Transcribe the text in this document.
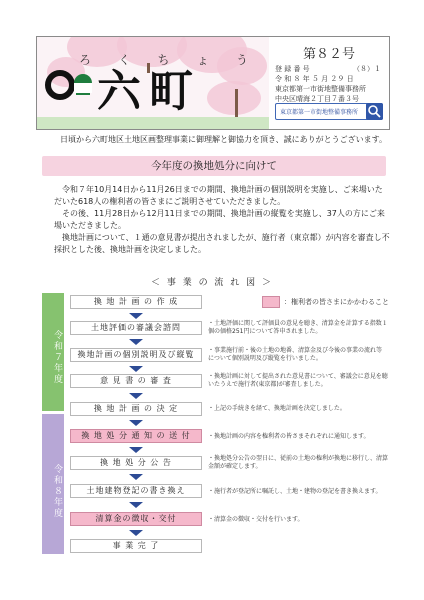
ろ く ち ょ う
六町
第８２号
登 録 番 号	（８）１
令 和 ８ 年 ５ 月 ２９ 日
東京都第一市街地整備事務所
中央区晴海２丁目７番３号
東京都第一市街地整備事務所
日頃から六町地区土地区画整理事業に御理解と御協力を頂き、誠にありがとうございます。
今年度の換地処分に向けて

令和７年10月14日から11月26日までの期間、換地計画の個別説明を実施し、ご来場いただいた618人の権利者の皆さまにご説明させていただきました。

その後、11月28日から12月11日までの期間、換地計画の縦覧を実施し、37人の方にご来場いただきました。

換地計画について、１通の意見書が提出されましたが、施行者（東京都）が内容を審査し不採択とした後、換地計画を決定しました。

＜ 事 業 の 流 れ 図 ＞
：権利者の皆さまにかかわること
令和７年度
令和８年度
換 地 計 画 の 作 成
土地評価の審議会諮問	・土地評価に関して評価員の意見を聴き、清算金を計算する指数１個の価格251円について答申されました。
換地計画の個別説明及び縦覧	・事業施行前・後の土地の地番、清算金及び今後の事業の流れ等について個別説明及び縦覧を行いました。
意 見 書 の 審 査	・換地計画に対して提出された意見書について、審議会に意見を聴いたうえで施行者(東京都)が審査しました。
換 地 計 画 の 決 定	・上記の手続きを経て、換地計画を決定しました。
換 地 処 分 通 知 の 送 付	・換地計画の内容を権利者の皆さまそれぞれに通知します。
換 地 処 分 公 告	・換地処分公告の翌日に、従前の土地の権利が換地に移行し、清算金額が確定します。
土地建物登記の書き換え	・施行者が登記所に嘱託し、土地・建物の登記を書き換えます。
清算金の徴収・交付	・清算金の徴収・交付を行います。
事 業 完 了
